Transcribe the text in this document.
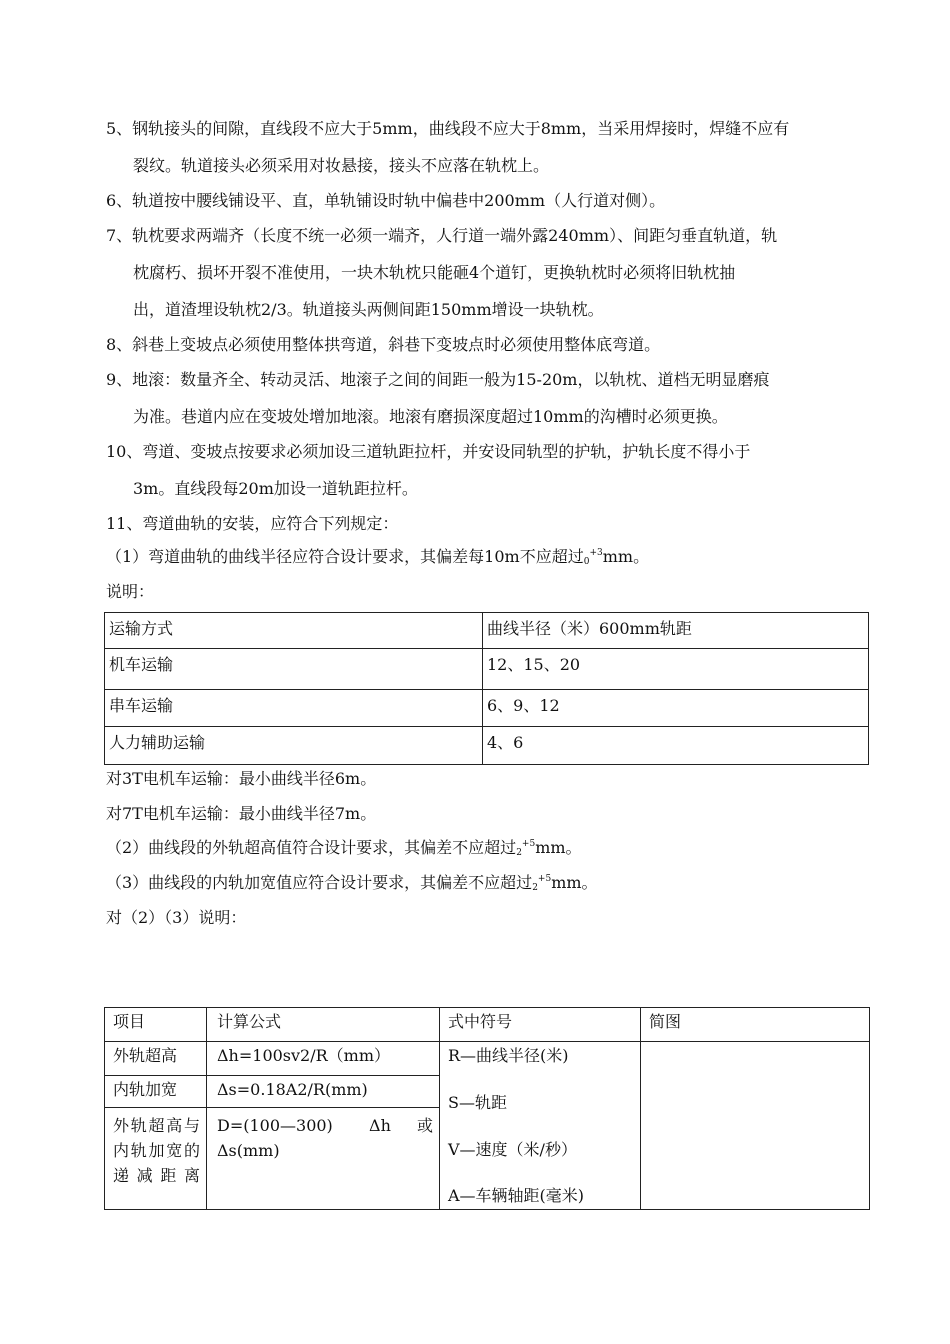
5、钢轨接头的间隙，直线段不应大于5mm，曲线段不应大于8mm，当采用焊接时，焊缝不应有
裂纹。轨道接头必须采用对妆悬接，接头不应落在轨枕上。
6、轨道按中腰线铺设平、直，单轨铺设时轨中偏巷中200mm（人行道对侧）。
7、轨枕要求两端齐（长度不统一必须一端齐，人行道一端外露240mm）、间距匀垂直轨道，轨
枕腐朽、损坏开裂不准使用，一块木轨枕只能砸4个道钉，更换轨枕时必须将旧轨枕抽
出，道渣埋设轨枕2/3。轨道接头两侧间距150mm增设一块轨枕。
8、斜巷上变坡点必须使用整体拱弯道，斜巷下变坡点时必须使用整体底弯道。
9、地滚：数量齐全、转动灵活、地滚子之间的间距一般为15-20m，以轨枕、道档无明显磨痕
为准。巷道内应在变坡处增加地滚。地滚有磨损深度超过10mm的沟槽时必须更换。
10、弯道、变坡点按要求必须加设三道轨距拉杆，并安设同轨型的护轨，护轨长度不得小于
3m。直线段每20m加设一道轨距拉杆。
11、弯道曲轨的安装，应符合下列规定：
（1）弯道曲轨的曲线半径应符合设计要求，其偏差每10m不应超过$_0^{+3}$mm。
说明：
运输方式	曲线半径（米）600mm轨距
机车运输	12、15、20
串车运输	6、9、12
人力辅助运输	4、6
对3T电机车运输：最小曲线半径6m。
对7T电机车运输：最小曲线半径7m。
（2）曲线段的外轨超高值符合设计要求，其偏差不应超过$_2^{+5}$mm。
（3）曲线段的内轨加宽值应符合设计要求，其偏差不应超过$_2^{+5}$mm。
对（2）（3）说明：
项目	计算公式	式中符号	简图
外轨超高	Δh=100sv2/R（mm）	R—曲线半径(米)
S—轨距
V—速度（米/秒）
A—车辆轴距(毫米)	

内轨加宽	Δs=0.18A2/R(mm)		
外轨超高与内轨加宽的递减距离	D=(100—300)　 Δh　或Δs(mm)		
